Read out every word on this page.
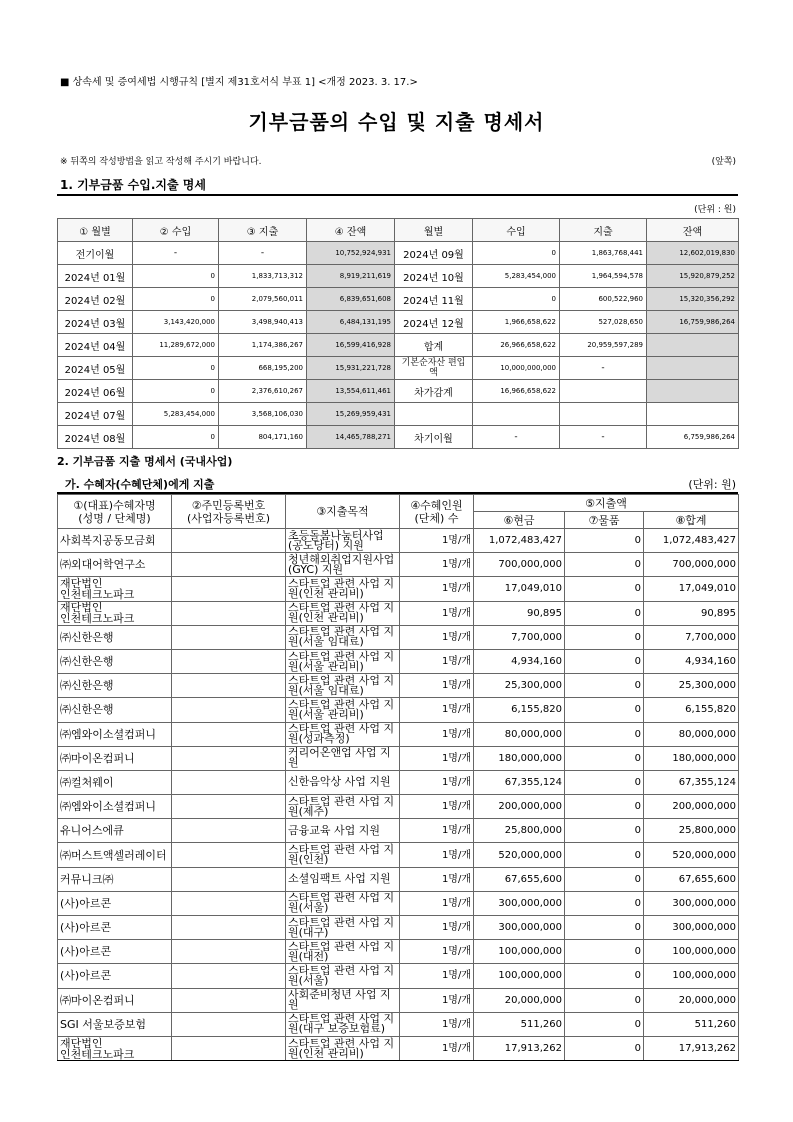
■ 상속세 및 증여세법 시행규칙 [별지 제31호서식 부표 1] <개정 2023. 3. 17.>
기부금품의 수입 및 지출 명세서
※ 뒤쪽의 작성방법을 읽고 작성해 주시기 바랍니다.	(앞쪽)
1. 기부금품 수입.지출 명세
(단위 : 원)
① 월별	② 수입	③ 지출	④ 잔액	월별	수입	지출	잔액
전기이월	-	-	10,752,924,931	2024년 09월	0	1,863,768,441	12,602,019,830
2024년 01월	0	1,833,713,312	8,919,211,619	2024년 10월	5,283,454,000	1,964,594,578	15,920,879,252
2024년 02월	0	2,079,560,011	6,839,651,608	2024년 11월	0	600,522,960	15,320,356,292
2024년 03월	3,143,420,000	3,498,940,413	6,484,131,195	2024년 12월	1,966,658,622	527,028,650	16,759,986,264
2024년 04월	11,289,672,000	1,174,386,267	16,599,416,928	합계	26,966,658,622	20,959,597,289	
2024년 05월	0	668,195,200	15,931,221,728	기본순자산 편입액	10,000,000,000	-	
2024년 06월	0	2,376,610,267	13,554,611,461	차가감계	16,966,658,622		
2024년 07월	5,283,454,000	3,568,106,030	15,269,959,431				
2024년 08월	0	804,171,160	14,465,788,271	차기이월	-	-	6,759,986,264
2. 기부금품 지출 명세서 (국내사업)
가. 수혜자(수혜단체)에게 지출	(단위: 원)
①(대표)수혜자명
(성명 / 단체명)	②주민등록번호
(사업자등록번호)	③지출목적	④수혜인원
(단체) 수	⑤지출액		
				⑥현금	⑦물품	⑧합계
사회복지공동모금회		초등돌봄나눔터사업(공도당터) 지원	1명/개	1,072,483,427	0	1,072,483,427
㈜외대어학연구소		청년해외취업지원사업(GYC) 지원	1명/개	700,000,000	0	700,000,000
재단법인
인천테크노파크		스타트업 관련 사업 지원(인천 관리비)	1명/개	17,049,010	0	17,049,010
재단법인
인천테크노파크		스타트업 관련 사업 지원(인천 관리비)	1명/개	90,895	0	90,895
㈜신한은행		스타트업 관련 사업 지원(서울 임대료)	1명/개	7,700,000	0	7,700,000
㈜신한은행		스타트업 관련 사업 지원(서울 관리비)	1명/개	4,934,160	0	4,934,160
㈜신한은행		스타트업 관련 사업 지원(서울 임대료)	1명/개	25,300,000	0	25,300,000
㈜신한은행		스타트업 관련 사업 지원(서울 관리비)	1명/개	6,155,820	0	6,155,820
㈜엠와이소셜컴퍼니		스타트업 관련 사업 지원(성과측정)	1명/개	80,000,000	0	80,000,000
㈜마이온컴퍼니		커리어온앤업 사업 지원	1명/개	180,000,000	0	180,000,000
㈜컬처웨이		신한음악상 사업 지원	1명/개	67,355,124	0	67,355,124
㈜엠와이소셜컴퍼니		스타트업 관련 사업 지원(제주)	1명/개	200,000,000	0	200,000,000
유니어스에큐		금융교육 사업 지원	1명/개	25,800,000	0	25,800,000
㈜머스트액셀러레이터		스타트업 관련 사업 지원(인천)	1명/개	520,000,000	0	520,000,000
커뮤니크㈜		소셜임팩트 사업 지원	1명/개	67,655,600	0	67,655,600
(사)아르콘		스타트업 관련 사업 지원(서울)	1명/개	300,000,000	0	300,000,000
(사)아르콘		스타트업 관련 사업 지원(대구)	1명/개	300,000,000	0	300,000,000
(사)아르콘		스타트업 관련 사업 지원(대전)	1명/개	100,000,000	0	100,000,000
(사)아르콘		스타트업 관련 사업 지원(서울)	1명/개	100,000,000	0	100,000,000
㈜마이온컴퍼니		사회준비청년 사업 지원	1명/개	20,000,000	0	20,000,000
SGI 서울보증보험		스타트업 관련 사업 지원(대구 보증보험료)	1명/개	511,260	0	511,260
재단법인
인천테크노파크		스타트업 관련 사업 지원(인천 관리비)	1명/개	17,913,262	0	17,913,262
